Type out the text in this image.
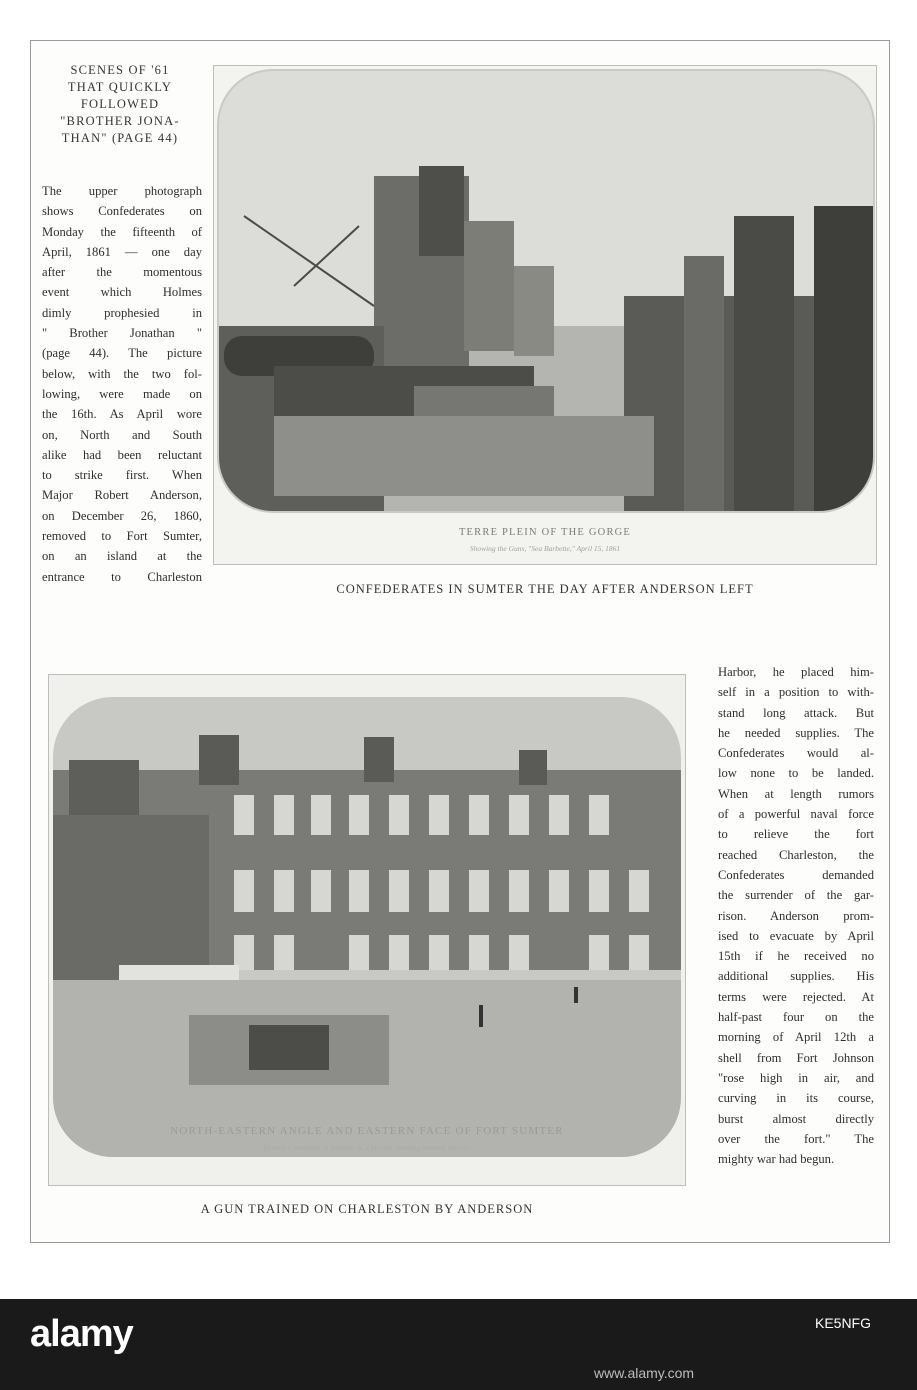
SCENES OF '61
THAT QUICKLY
FOLLOWED
"BROTHER JONA-
THAN" (PAGE 44)
The upper photograph
shows Confederates on
Monday the fifteenth of
April, 1861 — one day
after the momentous
event which Holmes
dimly prophesied in
" Brother Jonathan "
(page 44). The picture
below, with the two fol-
lowing, were made on
the 16th. As April wore
on, North and South
alike had been reluctant
to strike first. When
Major Robert Anderson,
on December 26, 1860,
removed to Fort Sumter,
on an island at the
entrance to Charleston
TERRE PLEIN OF THE GORGE
Showing the Guns, "Sea Barbette," April 15, 1861
CONFEDERATES IN SUMTER THE DAY AFTER ANDERSON LEFT
NORTH-EASTERN ANGLE AND EASTERN FACE OF FORT SUMTER
10-inch Columbiad in position as a Mortar, pointing towards the City
Harbor, he placed him-
self in a position to with-
stand long attack. But
he needed supplies. The
Confederates would al-
low none to be landed.
When at length rumors
of a powerful naval force
to relieve the fort
reached Charleston, the
Confederates demanded
the surrender of the gar-
rison. Anderson prom-
ised to evacuate by April
15th if he received no
additional supplies. His
terms were rejected. At
half-past four on the
morning of April 12th a
shell from Fort Johnson
"rose high in air, and
curving in its course,
burst almost directly
over the fort." The
mighty war had begun.
A GUN TRAINED ON CHARLESTON BY ANDERSON
alamy	KE5NFG
www.alamy.com
